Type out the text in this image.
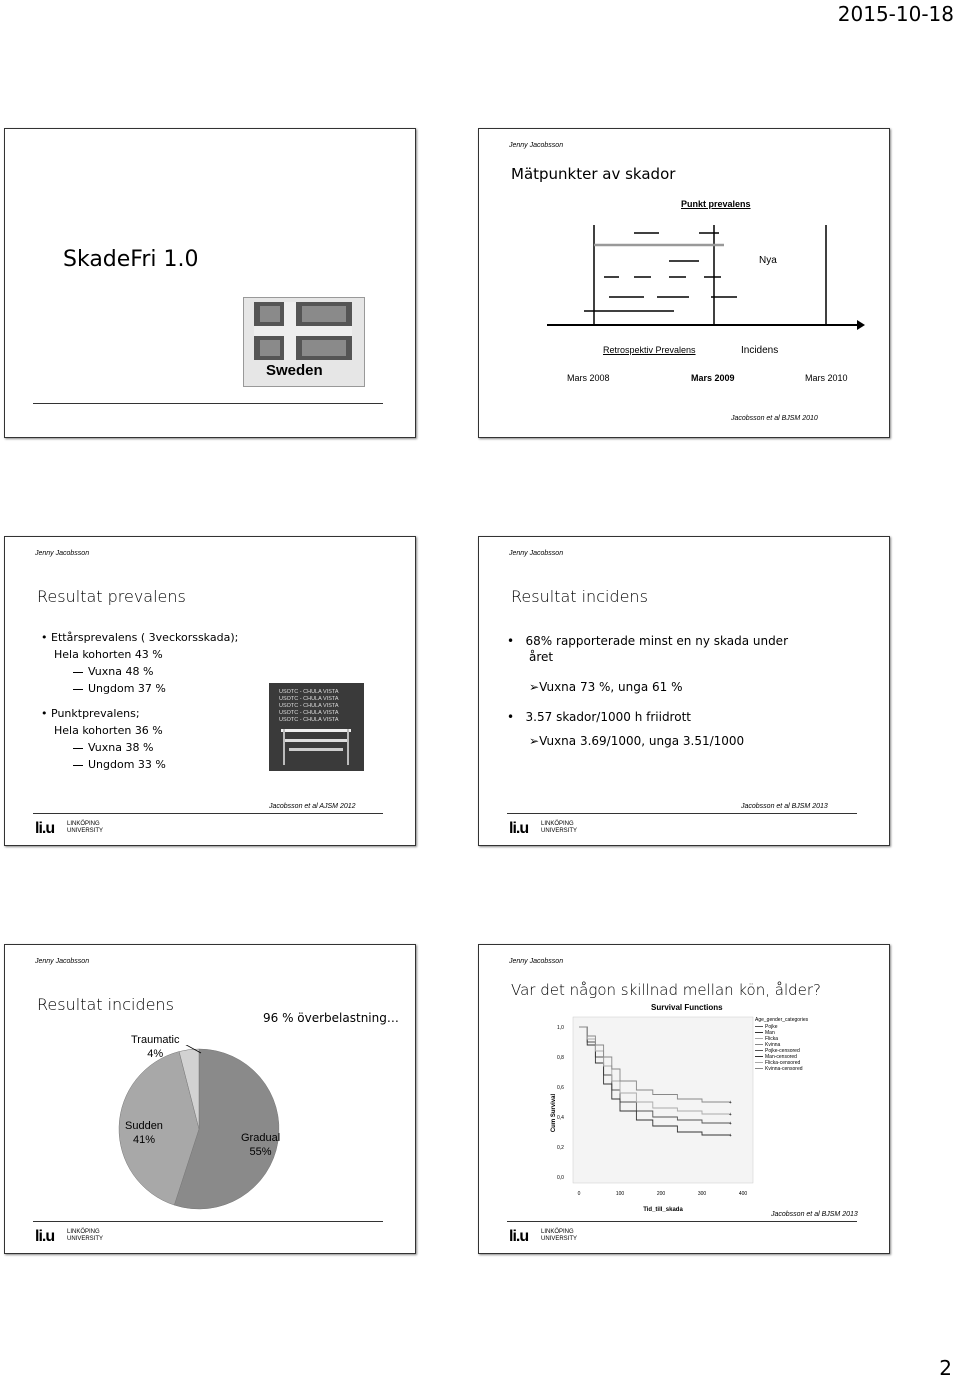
2015-10-18
SkadeFri 1.0
Sweden
Jenny Jacobsson
Mätpunkter av skador
Punkt prevalens
Nya
Retrospektiv Prevalens	Incidens
Mars 2008	Mars 2009	Mars 2010
Jacobsson et al BJSM 2010
Jenny Jacobsson
Resultat prevalens
• Ettårsprevalens ( 3veckorsskada);
Hela kohorten 43 %
Vuxna 48 %
Ungdom 37 %
• Punktprevalens;
Hela kohorten 36 %
Vuxna 38 %
Ungdom 33 %
USOTC - CHULA VISTA
USOTC - CHULA VISTA
USOTC - CHULA VISTA
USOTC - CHULA VISTA
USOTC - CHULA VISTA
Jacobsson et al AJSM 2012
li.u LINKÖPING
UNIVERSITY
Jenny Jacobsson
Resultat incidens
•   68% rapporterade minst en ny skada under
året
➢Vuxna 73 %, unga 61 %
•   3.57 skador/1000 h friidrott
➢Vuxna 3.69/1000, unga 3.51/1000
Jacobsson et al BJSM 2013
li.u LINKÖPING
UNIVERSITY
Jenny Jacobsson
Resultat incidens
96 % överbelastning…
Traumatic
4%
Sudden
41%	Gradual
55%
li.u LINKÖPING
UNIVERSITY
Jenny Jacobsson
Var det någon skillnad mellan kön, ålder?
Survival Functions
0,0
0,2
0,4
0,6
0,8
1,0
0	100	200	300	400
+
+
+
+
Cum Survival
Tid_till_skada
Age_gender_categories
Pojke
Man
Flicka
Kvinna
Pojke-censored
Man-censored
Flicka-censored
Kvinna-censored
Jacobsson et al BJSM 2013
li.u LINKÖPING
UNIVERSITY
2
